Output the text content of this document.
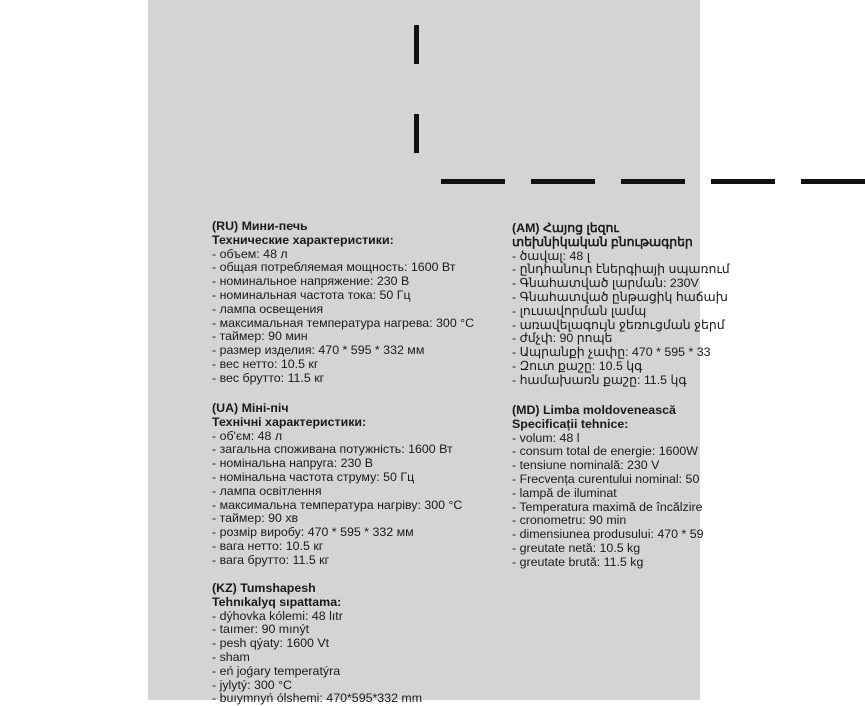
(RU) Мини-печь
Технические характеристики:
- объем: 48 л
- общая потребляемая мощность: 1600 Вт
- номинальное напряжение: 230 В
- номинальная частота тока: 50 Гц
- лампа освещения
- максимальная температура нагрева: 300 °С
- таймер: 90 мин
- размер изделия: 470 * 595 * 332 мм
- вес нетто: 10.5 кг
- вес брутто: 11.5 кг
(UA) Міні-піч
Технічні характеристики:
- об'єм: 48 л
- загальна споживана потужність: 1600 Вт
- номінальна напруга: 230 В
- номінальна частота струму: 50 Гц
- лампа освітлення
- максимальна температура нагріву: 300 °С
- таймер: 90 хв
- розмір виробу: 470 * 595 * 332 мм
- вага нетто: 10.5 кг
- вага брутто: 11.5 кг
(KZ) Tumshapesh
Tehnıkalyq sıpattama:
- dýhovka kólemi: 48 lıtr
- taımer: 90 mınýt
- pesh qýaty: 1600 Vt
- sham
- eń joǵary temperatýra
- jylytý: 300 °C
- buıymnyń ólshemi: 470*595*332 mm
(AM) Հայոց լեզու
տեխնիկական բնութագրեր
- ծավալ: 48 լ
- ընդհանուր էներգիայի սպառում
- Գնահատված լարման: 230V
- Գնահատված ընթացիկ հաճախ
- լուսավորման լամպ
- առավելագույն ջեռուցման ջերմ
- ժմչփ: 90 րոպե
- Ապրանքի չափը: 470 * 595 * 33
- Զուտ քաշը: 10.5 կգ
- համախառն քաշը: 11.5 կգ
(MD) Limba moldovenească
Specificații tehnice:
- volum: 48 l
- consum total de energie: 1600W
- tensiune nominală: 230 V
- Frecvența curentului nominal: 50
- lampă de iluminat
- Temperatura maximă de încălzire
- cronometru: 90 min
- dimensiunea produsului: 470 * 59
- greutate netă: 10.5 kg
- greutate brută: 11.5 kg
